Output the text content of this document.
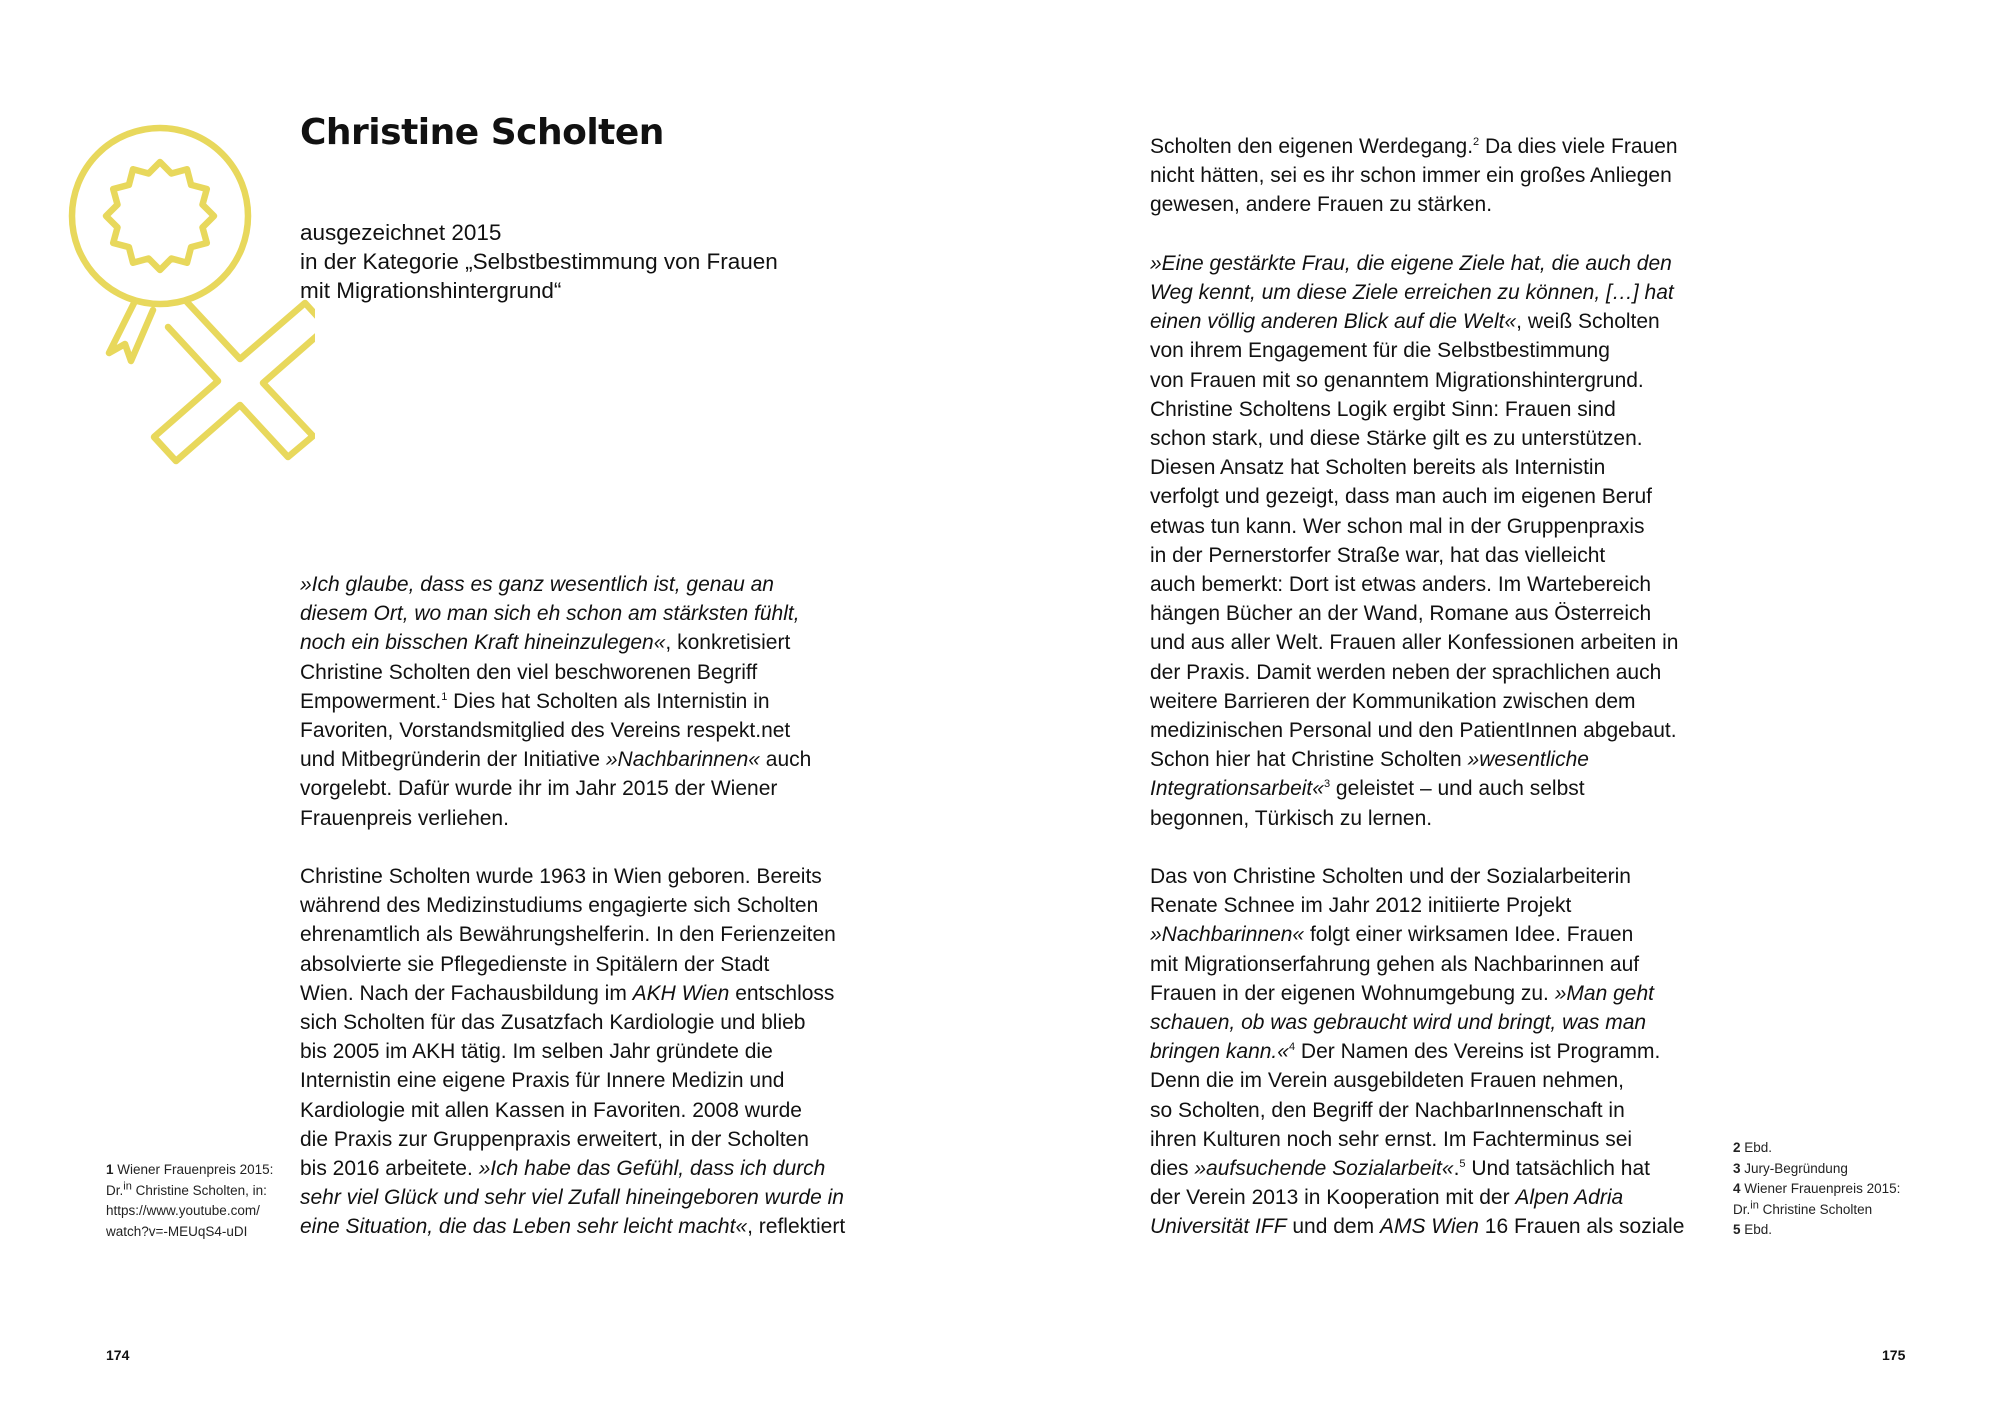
Christine Scholten
ausgezeichnet 2015
in der Kategorie „Selbstbestimmung von Frauen
mit Migrationshintergrund“

»Ich glaube, dass es ganz wesentlich ist, genau an
diesem Ort, wo man sich eh schon am stärksten fühlt,
noch ein bisschen Kraft hineinzulegen«, konkretisiert
Christine Scholten den viel beschworenen Begriff
Empowerment.$^1$ Dies hat Scholten als Internistin in
Favoriten, Vorstandsmitglied des Vereins respekt.net
und Mitbegründerin der Initiative »Nachbarinnen« auch
vorgelebt. Dafür wurde ihr im Jahr 2015 der Wiener
Frauenpreis verliehen.

Christine Scholten wurde 1963 in Wien geboren. Bereits
während des Medizinstudiums engagierte sich Scholten
ehrenamtlich als Bewährungshelferin. In den Ferienzeiten
absolvierte sie Pflegedienste in Spitälern der Stadt
Wien. Nach der Fachausbildung im AKH Wien entschloss
sich Scholten für das Zusatzfach Kardiologie und blieb
bis 2005 im AKH tätig. Im selben Jahr gründete die
Internistin eine eigene Praxis für Innere Medizin und
Kardiologie mit allen Kassen in Favoriten. 2008 wurde
die Praxis zur Gruppenpraxis erweitert, in der Scholten
bis 2016 arbeitete. »Ich habe das Gefühl, dass ich durch
sehr viel Glück und sehr viel Zufall hineingeboren wurde in
eine Situation, die das Leben sehr leicht macht«, reflektiert

Scholten den eigenen Werdegang.$^2$ Da dies viele Frauen
nicht hätten, sei es ihr schon immer ein großes Anliegen
gewesen, andere Frauen zu stärken.

»Eine gestärkte Frau, die eigene Ziele hat, die auch den
Weg kennt, um diese Ziele erreichen zu können, […] hat
einen völlig anderen Blick auf die Welt«, weiß Scholten
von ihrem Engagement für die Selbstbestimmung
von Frauen mit so genanntem Migrationshintergrund.
Christine Scholtens Logik ergibt Sinn: Frauen sind
schon stark, und diese Stärke gilt es zu unterstützen.
Diesen Ansatz hat Scholten bereits als Internistin
verfolgt und gezeigt, dass man auch im eigenen Beruf
etwas tun kann. Wer schon mal in der Gruppenpraxis
in der Pernerstorfer Straße war, hat das vielleicht
auch bemerkt: Dort ist etwas anders. Im Wartebereich
hängen Bücher an der Wand, Romane aus Österreich
und aus aller Welt. Frauen aller Konfessionen arbeiten in
der Praxis. Damit werden neben der sprachlichen auch
weitere Barrieren der Kommunikation zwischen dem
medizinischen Personal und den PatientInnen abgebaut.
Schon hier hat Christine Scholten »wesentliche
Integrationsarbeit«$^3$ geleistet – und auch selbst
begonnen, Türkisch zu lernen.

Das von Christine Scholten und der Sozialarbeiterin
Renate Schnee im Jahr 2012 initiierte Projekt
»Nachbarinnen« folgt einer wirksamen Idee. Frauen
mit Migrationserfahrung gehen als Nachbarinnen auf
Frauen in der eigenen Wohnumgebung zu. »Man geht
schauen, ob was gebraucht wird und bringt, was man
bringen kann.«$^4$ Der Namen des Vereins ist Programm.
Denn die im Verein ausgebildeten Frauen nehmen,
so Scholten, den Begriff der NachbarInnenschaft in
ihren Kulturen noch sehr ernst. Im Fachterminus sei
dies »aufsuchende Sozialarbeit«.$^5$ Und tatsächlich hat
der Verein 2013 in Kooperation mit der Alpen Adria
Universität IFF und dem AMS Wien 16 Frauen als soziale

1 Wiener Frauenpreis 2015:
Dr.$^{in}$ Christine Scholten, in:
https://www.youtube.com/
watch?v=-MEUqS4-uDI
2 Ebd.
3 Jury-Begründung
4 Wiener Frauenpreis 2015:
Dr.$^{in}$ Christine Scholten
5 Ebd.
174	175
